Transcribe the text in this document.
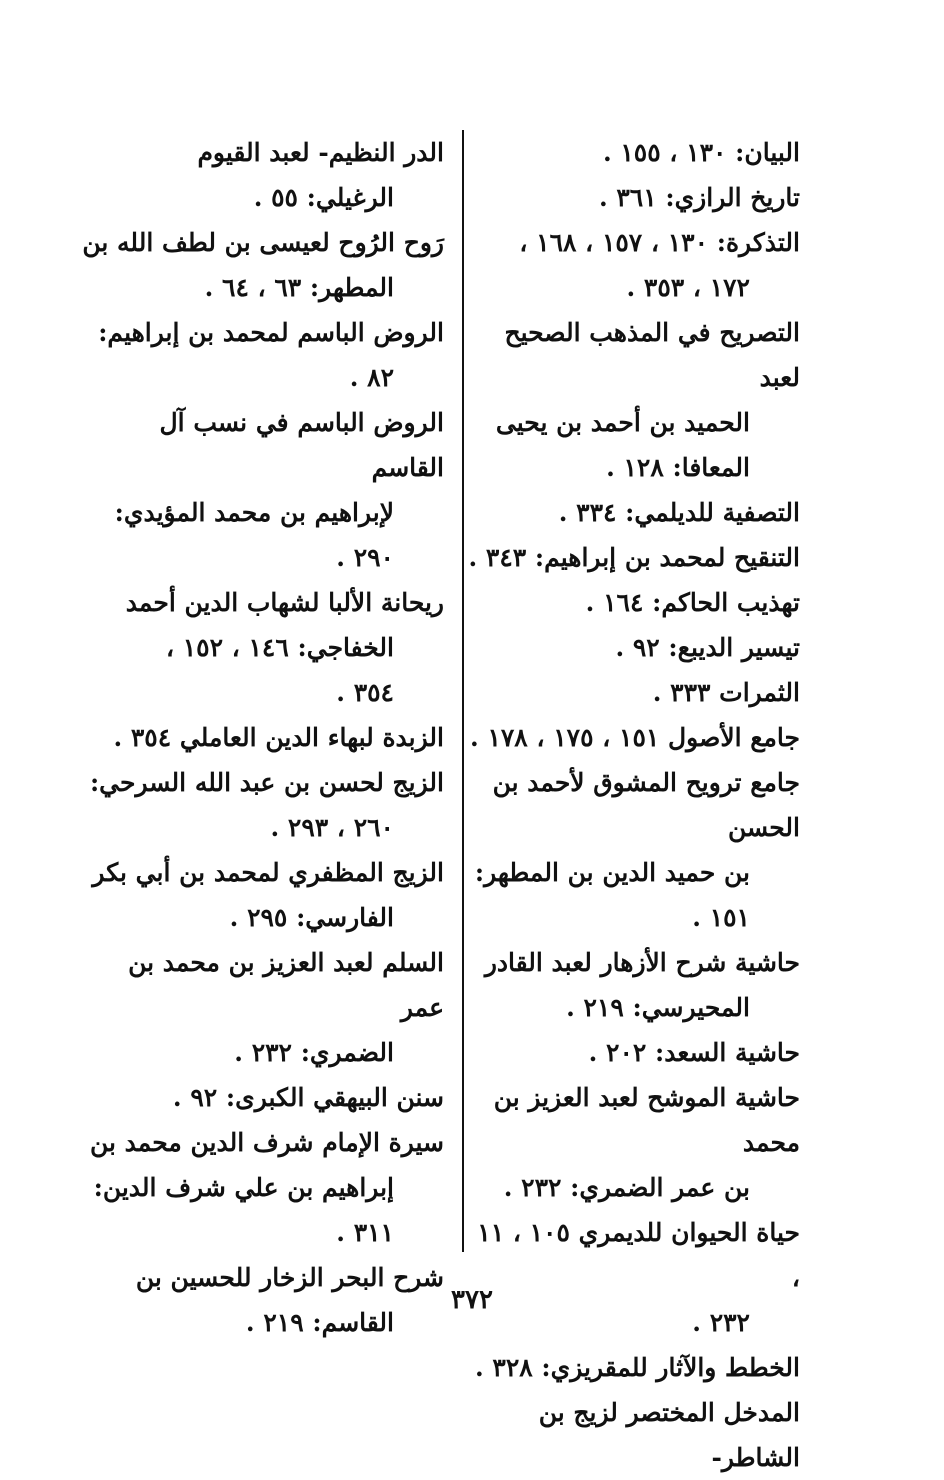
البيان: ١٣٠ ، ١٥٥ .
تاريخ الرازي: ٣٦١ .
التذكرة: ١٣٠ ، ١٥٧ ، ١٦٨ ،
١٧٢ ، ٣٥٣ .
التصريح في المذهب الصحيح لعبد
الحميد بن أحمد بن يحيى
المعافا: ١٢٨ .
التصفية للديلمي: ٣٣٤ .
التنقيح لمحمد بن إبراهيم: ٣٤٣ .
تهذيب الحاكم: ١٦٤ .
تيسير الديبع: ٩٢ .
الثمرات ٣٣٣ .
جامع الأصول ١٥١ ، ١٧٥ ، ١٧٨ .
جامع ترويح المشوق لأحمد بن الحسن
بن حميد الدين بن المطهر:
١٥١ .
حاشية شرح الأزهار لعبد القادر
المحيرسي: ٢١٩ .
حاشية السعد: ٢٠٢ .
حاشية الموشح لعبد العزيز بن محمد
بن عمر الضمري: ٢٣٢ .
حياة الحيوان للديمري ١٠٥ ، ١١ ،
٢٣٢ .
الخطط والآثار للمقريزي: ٣٢٨ .
المدخل المختصر لزيج بن الشاطر-
الدر النظيم- لعبد القيوم
الرغيلي: ٥٥ .
رَوح الرُوح لعيسى بن لطف الله بن
المطهر: ٦٣ ، ٦٤ .
الروض الباسم لمحمد بن إبراهيم:
٨٢ .
الروض الباسم في نسب آل القاسم
لإبراهيم بن محمد المؤيدي:
٢٩٠ .
ريحانة الألبا لشهاب الدين أحمد
الخفاجي: ١٤٦ ، ١٥٢ ،
٣٥٤ .
الزبدة لبهاء الدين العاملي ٣٥٤ .
الزيج لحسن بن عبد الله السرحي:
٢٦٠ ، ٢٩٣ .
الزيج المظفري لمحمد بن أبي بكر
الفارسي: ٢٩٥ .
السلم لعبد العزيز بن محمد بن عمر
الضمري: ٢٣٢ .
سنن البيهقي الكبرى: ٩٢ .
سيرة الإمام شرف الدين محمد بن
إبراهيم بن علي شرف الدين:
٣١١ .
شرح البحر الزخار للحسين بن
القاسم: ٢١٩ .
٣٧٢
